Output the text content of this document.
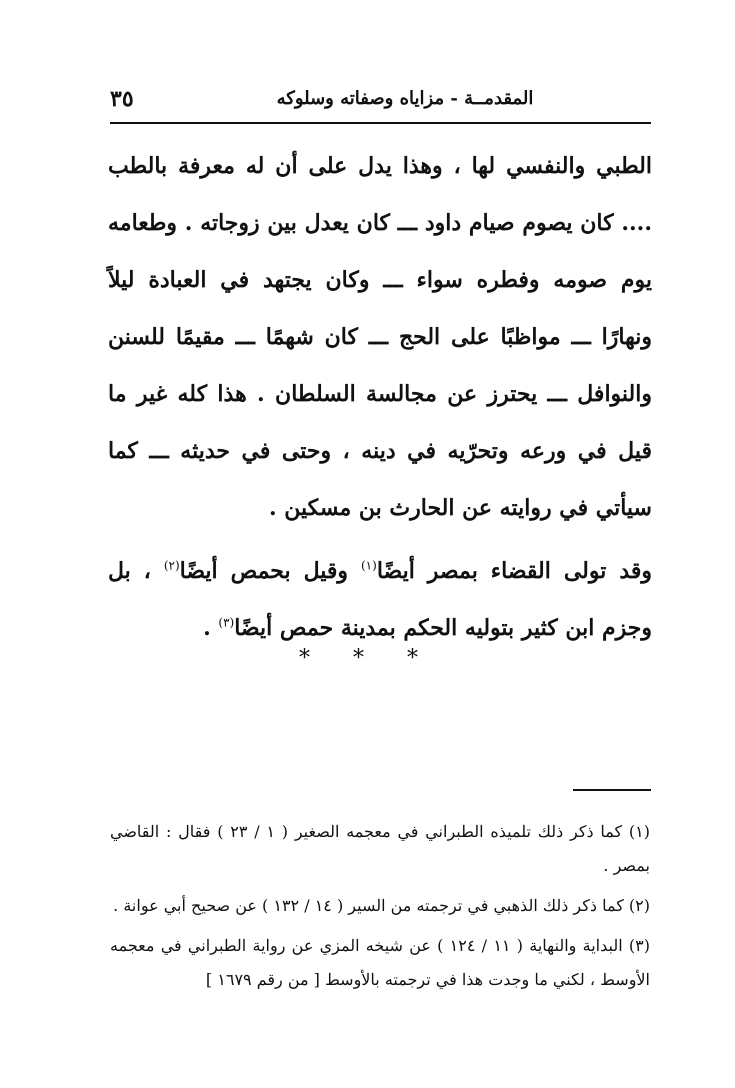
٣٥	المقدمــة - مزاياه وصفاته وسلوكه

الطبي والنفسي لها ، وهذا يدل على أن له معرفة بالطب .... كان يصوم صيام داود ـــ كان يعدل بين زوجاته . وطعامه يوم صومه وفطره سواء ـــ وكان يجتهد في العبادة ليلاً ونهارًا ـــ مواظبًا على الحج ـــ كان شهمًا ـــ مقيمًا للسنن والنوافل ـــ يحترز عن مجالسة السلطان . هذا كله غير ما قيل في ورعه وتحرّيه في دينه ، وحتى في حديثه ـــ كما سيأتي في روايته عن الحارث بن مسكين .

وقد تولى القضاء بمصر أيضًا$^{(١)}$ وقيل بحمص أيضًا$^{(٢)}$ ، بل وجزم ابن كثير بتوليه الحكم بمدينة حمص أيضًا$^{(٣)}$ .

* * *

(١) كما ذكر ذلك تلميذه الطبراني في معجمه الصغير ( ١ / ٢٣ ) فقال : القاضي بمصر .

(٢) كما ذكر ذلك الذهبي في ترجمته من السير ( ١٤ / ١٣٢ ) عن صحيح أبي عوانة .

(٣) البداية والنهاية ( ١١ / ١٢٤ ) عن شيخه المزي عن رواية الطبراني في معجمه الأوسط ، لكني ما وجدت هذا في ترجمته بالأوسط [ من رقم ١٦٧٩ ]
